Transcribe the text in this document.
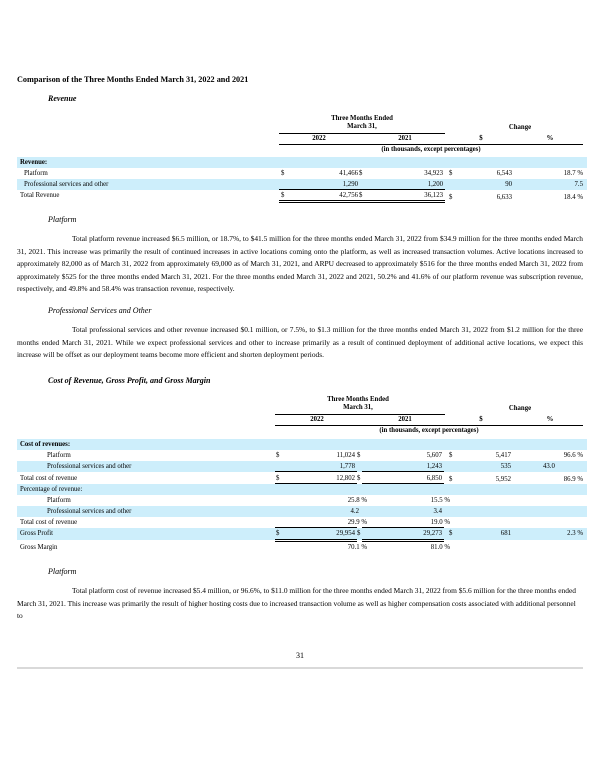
Comparison of the Three Months Ended March 31, 2022 and 2021
Revenue
Three Months Ended
March 31,	Change
2022	2021	$	%
(in thousands, except percentages)
Revenue:
Platform	$	41,466 $	34,923 $	6,543	18.7 %
Professional services and other	1,290	1,200	90	7.5
Total Revenue	$	42,756 $	36,123 $	6,633	18.4 %
Platform
Total platform revenue increased $6.5 million, or 18.7%, to $41.5 million for the three months ended March 31, 2022 from $34.9 million for the three months ended March 31, 2021. This increase was primarily the result of continued increases in active locations coming onto the platform, as well as increased transaction volumes. Active locations increased to approximately 82,000 as of March 31, 2022 from approximately 69,000 as of March 31, 2021, and ARPU decreased to approximately $516 for the three months ended March 31, 2022 from approximately $525 for the three months ended March 31, 2021. For the three months ended March 31, 2022 and 2021, 50.2% and 41.6% of our platform revenue was subscription revenue, respectively, and 49.8% and 58.4% was transaction revenue, respectively.
Professional Services and Other
Total professional services and other revenue increased $0.1 million, or 7.5%, to $1.3 million for the three months ended March 31, 2022 from $1.2 million for the three months ended March 31, 2021. While we expect professional services and other to increase primarily as a result of continued deployment of additional active locations, we expect this increase will be offset as our deployment teams become more efficient and shorten deployment periods.
Cost of Revenue, Gross Profit, and Gross Margin
Three Months Ended
March 31,	Change
2022	2021	$	%
(in thousands, except percentages)
Cost of revenues:
Platform	$	11,024 $	5,607 $	5,417	96.6 %
Professional services and other	1,778	1,243	535	43.0
Total cost of revenue	$	12,802 $	6,850 $	5,952	86.9 %
Percentage of revenue:
Platform	25.8 %	15.5 %
Professional services and other	4.2	3.4
Total cost of revenue	29.9 %	19.0 %
Gross Profit	$	29,954 $	29,273 $	681	2.3 %
Gross Margin	70.1 %	81.0 %
Platform
Total platform cost of revenue increased $5.4 million, or 96.6%, to $11.0 million for the three months ended March 31, 2022 from $5.6 million for the three months ended March 31, 2021. This increase was primarily the result of higher hosting costs due to increased transaction volume as well as higher compensation costs associated with additional personnel to
31
